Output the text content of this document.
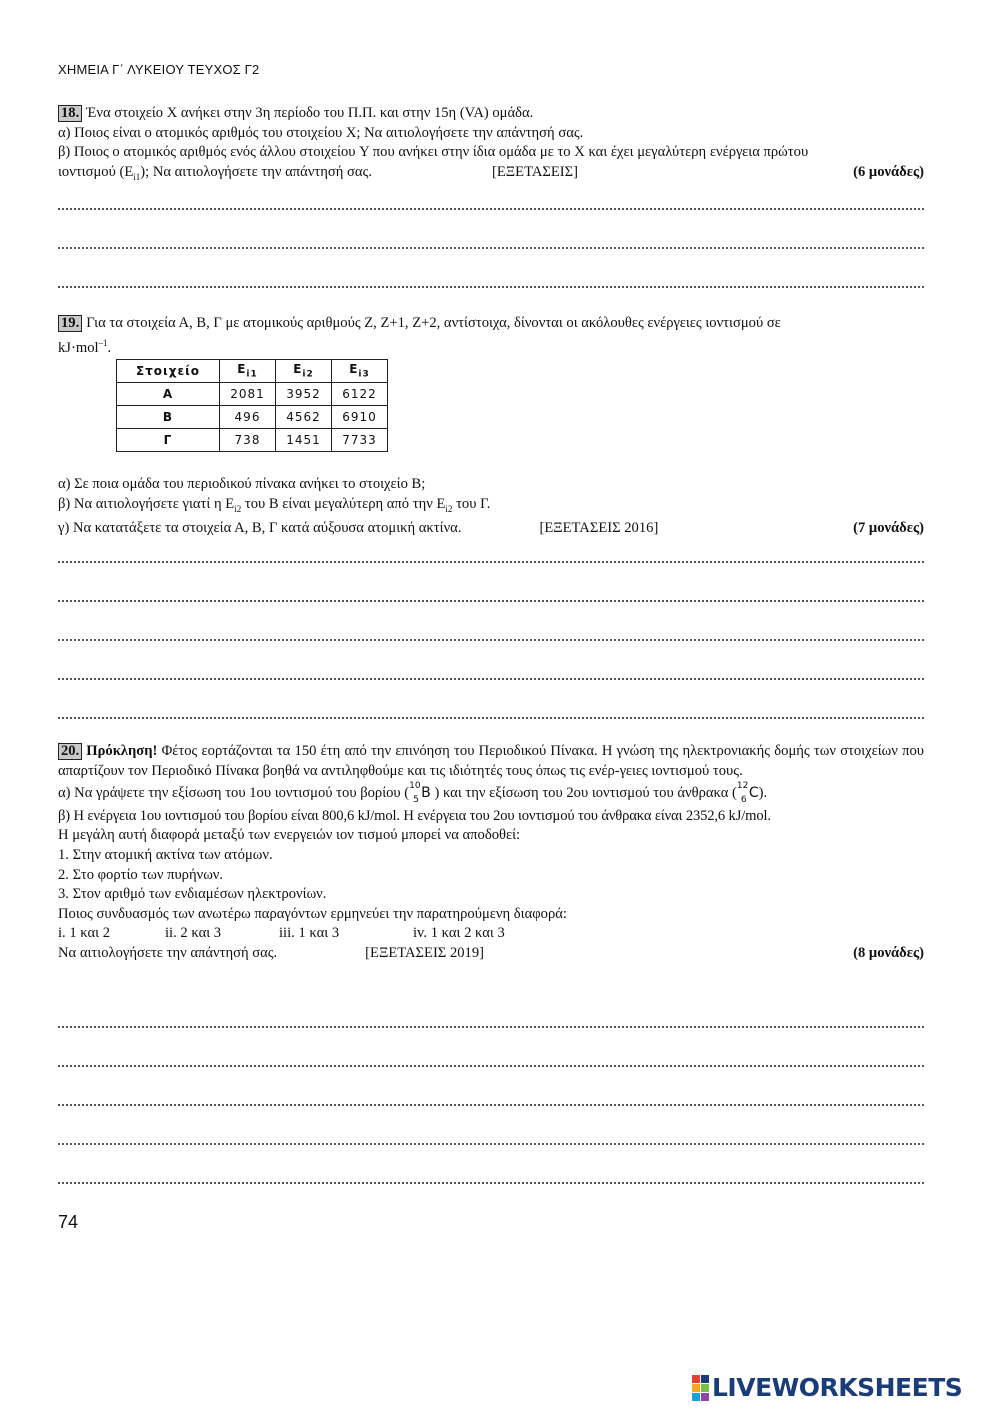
ΧΗΜΕΙΑ Γ΄ ΛΥΚΕΙΟΥ ΤΕΥΧΟΣ Γ2
18. Ένα στοιχείο X ανήκει στην 3η περίοδο του Π.Π. και στην 15η (VA) ομάδα.
α) Ποιος είναι ο ατομικός αριθμός του στοιχείου X; Να αιτιολογήσετε την απάντησή σας.
β) Ποιος ο ατομικός αριθμός ενός άλλου στοιχείου Y που ανήκει στην ίδια ομάδα με το X και έχει μεγαλύτερη ενέργεια πρώτου
ιοντισμού $(E_{i1})$; Να αιτιολογήσετε την απάντησή σας.	[ΕΞΕΤΑΣΕΙΣ]	(6 μονάδες)
19. Για τα στοιχεία Α, Β, Γ με ατομικούς αριθμούς Z, Z+1, Z+2, αντίστοιχα, δίνονται οι ακόλουθες ενέργειες ιοντισμού σε
kJ·mol$^{-1}$.
Στοιχείο	$E_{i1}$	$E_{i2}$	$E_{i3}$
Α	2081	3952	6122
Β	496	4562	6910
Γ	738	1451	7733
α) Σε ποια ομάδα του περιοδικού πίνακα ανήκει το στοιχείο Β;
β) Να αιτιολογήσετε γιατί η $E_{i2}$ του Β είναι μεγαλύτερη από την $E_{i2}$ του Γ.
γ) Να κατατάξετε τα στοιχεία Α, Β, Γ κατά αύξουσα ατομική ακτίνα.	[ΕΞΕΤΑΣΕΙΣ 2016]	(7 μονάδες)
20. Πρόκληση! Φέτος εορτάζονται τα 150 έτη από την επινόηση του Περιοδικού Πίνακα. Η γνώση της ηλεκτρονιακής δομής των στοιχείων που απαρτίζουν τον Περιοδικό Πίνακα βοηθά να αντιληφθούμε και τις ιδιότητές τους όπως τις ενέρ-γειες ιοντισμού τους.
α) Να γράψετε την εξίσωση του 1ου ιοντισμού του βορίου ( 10
5 B ) και την εξίσωση του 2ου ιοντισμού του άνθρακα ( 12
6 C).
β) Η ενέργεια 1ου ιοντισμού του βορίου είναι 800,6 kJ/mol. Η ενέργεια του 2ου ιοντισμού του άνθρακα είναι 2352,6 kJ/mol.
Η μεγάλη αυτή διαφορά μεταξύ των ενεργειών ιον τισμού μπορεί να αποδοθεί:
1. Στην ατομική ακτίνα των ατόμων.
2. Στο φορτίο των πυρήνων.
3. Στον αριθμό των ενδιαμέσων ηλεκτρονίων.
Ποιος συνδυασμός των ανωτέρω παραγόντων ερμηνεύει την παρατηρούμενη διαφορά:
i. 1 και 2	ii. 2 και 3	iii. 1 και 3	iv. 1 και 2 και 3
Να αιτιολογήσετε την απάντησή σας.	[ΕΞΕΤΑΣΕΙΣ 2019]	(8 μονάδες)
74
LIVEWORKSHEETS
